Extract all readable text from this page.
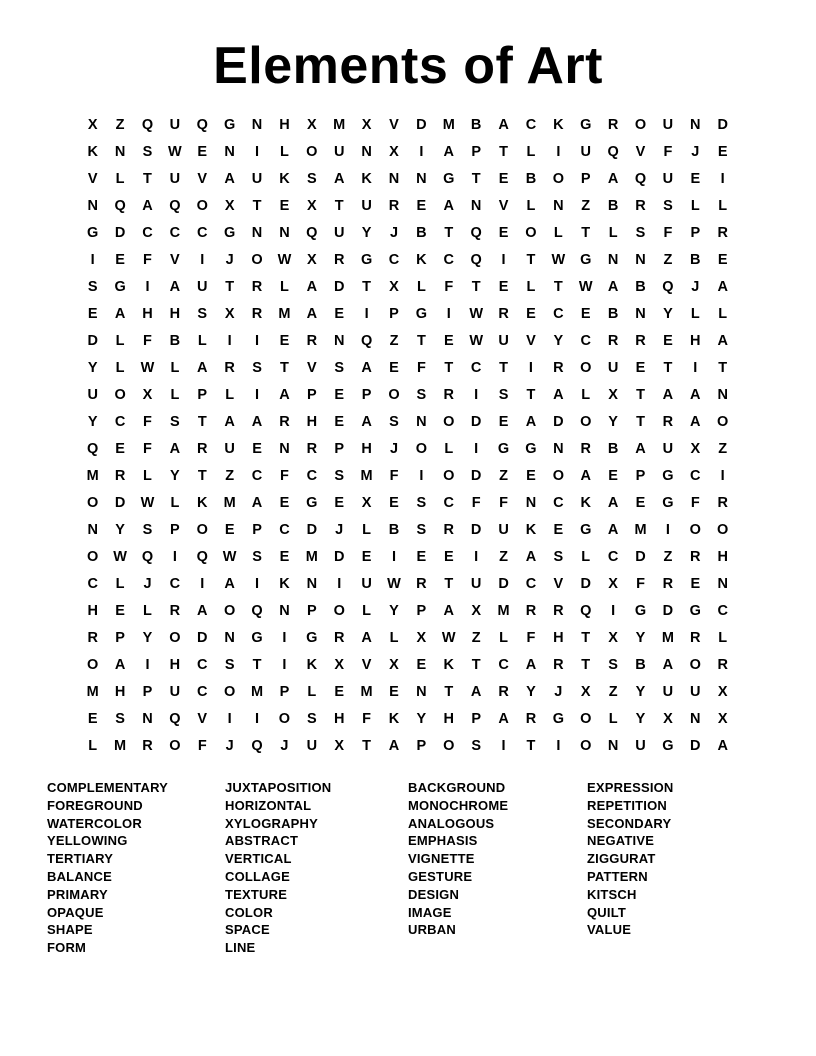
Elements of Art
X	Z	Q	U	Q	G	N	H	X	M	X	V	D	M	B	A	C	K	G	R	O	U	N	D
K	N	S	W	E	N	I	L	O	U	N	X	I	A	P	T	L	I	U	Q	V	F	J	E
V	L	T	U	V	A	U	K	S	A	K	N	N	G	T	E	B	O	P	A	Q	U	E	I
N	Q	A	Q	O	X	T	E	X	T	U	R	E	A	N	V	L	N	Z	B	R	S	L	L
G	D	C	C	C	G	N	N	Q	U	Y	J	B	T	Q	E	O	L	T	L	S	F	P	R
I	E	F	V	I	J	O	W	X	R	G	C	K	C	Q	I	T	W	G	N	N	Z	B	E
S	G	I	A	U	T	R	L	A	D	T	X	L	F	T	E	L	T	W	A	B	Q	J	A
E	A	H	H	S	X	R	M	A	E	I	P	G	I	W	R	E	C	E	B	N	Y	L	L
D	L	F	B	L	I	I	E	R	N	Q	Z	T	E	W	U	V	Y	C	R	R	E	H	A
Y	L	W	L	A	R	S	T	V	S	A	E	F	T	C	T	I	R	O	U	E	T	I	T
U	O	X	L	P	L	I	A	P	E	P	O	S	R	I	S	T	A	L	X	T	A	A	N
Y	C	F	S	T	A	A	R	H	E	A	S	N	O	D	E	A	D	O	Y	T	R	A	O
Q	E	F	A	R	U	E	N	R	P	H	J	O	L	I	G	G	N	R	B	A	U	X	Z
M	R	L	Y	T	Z	C	F	C	S	M	F	I	O	D	Z	E	O	A	E	P	G	C	I
O	D	W	L	K	M	A	E	G	E	X	E	S	C	F	F	N	C	K	A	E	G	F	R
N	Y	S	P	O	E	P	C	D	J	L	B	S	R	D	U	K	E	G	A	M	I	O	O
O	W	Q	I	Q	W	S	E	M	D	E	I	E	E	I	Z	A	S	L	C	D	Z	R	H
C	L	J	C	I	A	I	K	N	I	U	W	R	T	U	D	C	V	D	X	F	R	E	N
H	E	L	R	A	O	Q	N	P	O	L	Y	P	A	X	M	R	R	Q	I	G	D	G	C
R	P	Y	O	D	N	G	I	G	R	A	L	X	W	Z	L	F	H	T	X	Y	M	R	L
O	A	I	H	C	S	T	I	K	X	V	X	E	K	T	C	A	R	T	S	B	A	O	R
M	H	P	U	C	O	M	P	L	E	M	E	N	T	A	R	Y	J	X	Z	Y	U	U	X
E	S	N	Q	V	I	I	O	S	H	F	K	Y	H	P	A	R	G	O	L	Y	X	N	X
L	M	R	O	F	J	Q	J	U	X	T	A	P	O	S	I	T	I	O	N	U	G	D	A
COMPLEMENTARY
FOREGROUND
WATERCOLOR
YELLOWING
TERTIARY
BALANCE
PRIMARY
OPAQUE
SHAPE
FORM
JUXTAPOSITION
HORIZONTAL
XYLOGRAPHY
ABSTRACT
VERTICAL
COLLAGE
TEXTURE
COLOR
SPACE
LINE
BACKGROUND
MONOCHROME
ANALOGOUS
EMPHASIS
VIGNETTE
GESTURE
DESIGN
IMAGE
URBAN
EXPRESSION
REPETITION
SECONDARY
NEGATIVE
ZIGGURAT
PATTERN
KITSCH
QUILT
VALUE
